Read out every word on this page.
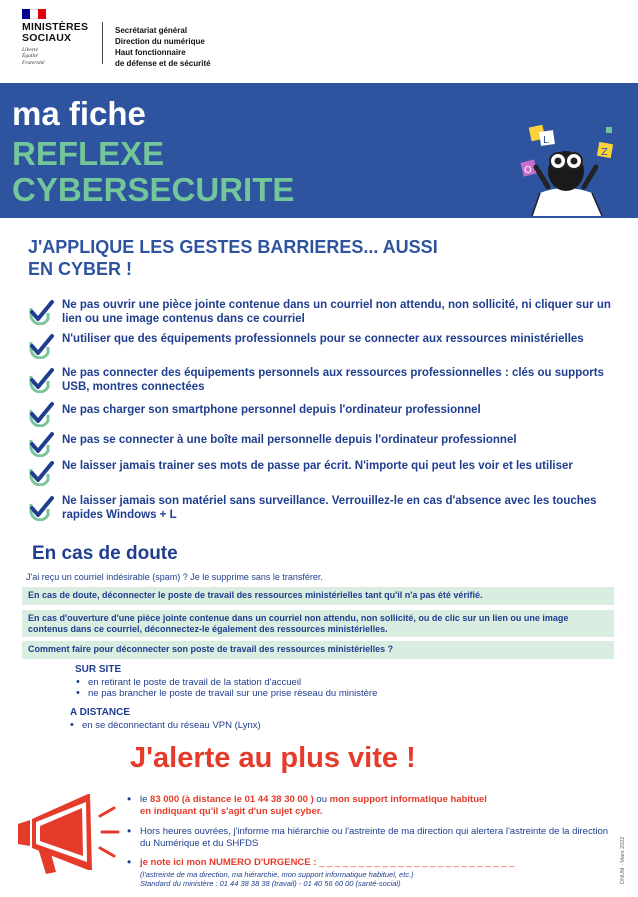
MINISTÈRES
SOCIAUX
Liberté
Égalité
Fraternité
Secrétariat général
Direction du numérique
Haut fonctionnaire
de défense et de sécurité
ma fiche
REFLEXE
CYBERSECURITE
L
Z
O
J'APPLIQUE LES GESTES BARRIERES... AUSSI EN CYBER !
Ne pas ouvrir une pièce jointe contenue dans un courriel non attendu, non sollicité, ni cliquer sur un lien ou une image contenus dans ce courriel
N'utiliser que des équipements professionnels pour se connecter aux ressources ministérielles
Ne pas connecter des équipements personnels aux ressources professionnelles : clés ou supports USB, montres connectées
Ne pas charger son smartphone personnel depuis l'ordinateur professionnel
Ne pas se connecter à une boîte mail personnelle depuis l'ordinateur professionnel
Ne laisser jamais trainer ses mots de passe par écrit. N'importe qui peut les voir et les utiliser
Ne laisser jamais son matériel sans surveillance. Verrouillez-le en cas d'absence avec les touches rapides Windows + L
En cas de doute
J'ai reçu un courriel indésirable (spam) ? Je le supprime sans le transférer.
En cas de doute, déconnecter le poste de travail des ressources ministérielles tant qu'il n'a pas été vérifié.
En cas d'ouverture d'une pièce jointe contenue dans un courriel non attendu, non sollicité, ou de clic sur un lien ou une image contenus dans ce courriel, déconnectez-le également des ressources ministérielles.
Comment faire pour déconnecter son poste de travail des ressources ministérielles ?
SUR SITE
• en retirant le poste de travail de la station d'accueil
• ne pas brancher le poste de travail sur une prise réseau du ministère
A DISTANCE
• en se déconnectant du réseau VPN (Lynx)
J'alerte au plus vite !
• le 83 000 (à distance le 01 44 38 30 00 ) ou mon support informatique habituel
en indiquant qu'il s'agit d'un sujet cyber.
• Hors heures ouvrées, j'informe ma hiérarchie ou l'astreinte de ma direction qui alertera l'astreinte de la direction du Numérique et du SHFDS
• je note ici mon NUMERO D'URGENCE : _ _ _ _ _ _ _ _ _ _ _ _ _ _ _ _ _ _ _ _ _ _ _ _ _
(l'astreinte de ma direction, ma hiérarchie, mon support informatique habituel, etc.)
Standard du ministère : 01 44 38 38 38 (travail) - 01 40 56 60 00 (santé-social)	DNUM - Mars 2022
